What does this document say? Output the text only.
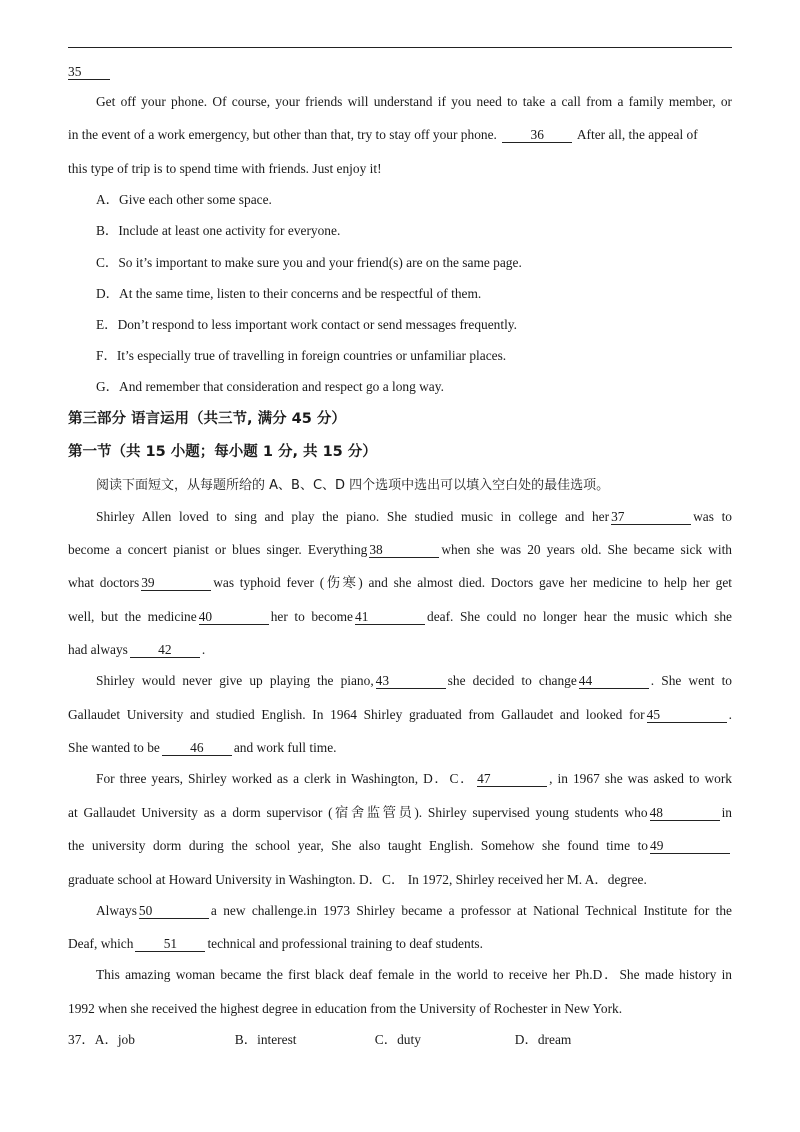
35
Get off your phone. Of course, your friends will understand if you need to take a call from a family member, or
in the event of a work emergency, but other than that, try to stay off your phone.	36 After all, the appeal of
this type of trip is to spend time with friends. Just enjoy it!
A．Give each other some space.
B．Include at least one activity for everyone.
C．So it’s important to make sure you and your friend(s) are on the same page.
D．At the same time, listen to their concerns and be respectful of them.
E．Don’t respond to less important work contact or send messages frequently.
F．It’s especially true of travelling in foreign countries or unfamiliar places.
G．And remember that consideration and respect go a long way.
第三部分 语言运用（共三节, 满分 45 分）
第一节（共 15 小题；每小题 1 分, 共 15 分）
阅读下面短文，从每题所给的 A、B、C、D 四个选项中选出可以填入空白处的最佳选项。
Shirley Allen loved to sing and play the piano. She studied music in college and her 37	was to
become a concert pianist or blues singer. Everything 38	when she was 20 years old. She became sick with
what doctors 39	was typhoid fever (伤寒) and she almost died. Doctors gave her medicine to help her get
well, but the medicine 40	her to become 41	deaf. She could no longer hear the music which she
had always 42 .
Shirley would never give up playing the piano, 43	she decided to change 44	. She went to
Gallaudet University and studied English. In 1964 Shirley graduated from Gallaudet and looked for 45	.
She wanted to be 46 and work full time.
For three years, Shirley worked as a clerk in Washington, D．C． 47	, in 1967 she was asked to work
at Gallaudet University as a dorm supervisor (宿舍监管员). Shirley supervised young students who 48	in
the university dorm during the school year, She also taught English. Somehow she found time to 49
graduate school at Howard University in Washington. D．C． In 1972, Shirley received her M. A．degree.
Always 50	a new challenge.in 1973 Shirley became a professor at National Technical Institute for the
Deaf, which 51 technical and professional training to deaf students.
This amazing woman became the first black deaf female in the world to receive her Ph.D．She made history in
1992 when she received the highest degree in education from the University of Rochester in New York.
37．A．job	B．interest	C．duty	D．dream
